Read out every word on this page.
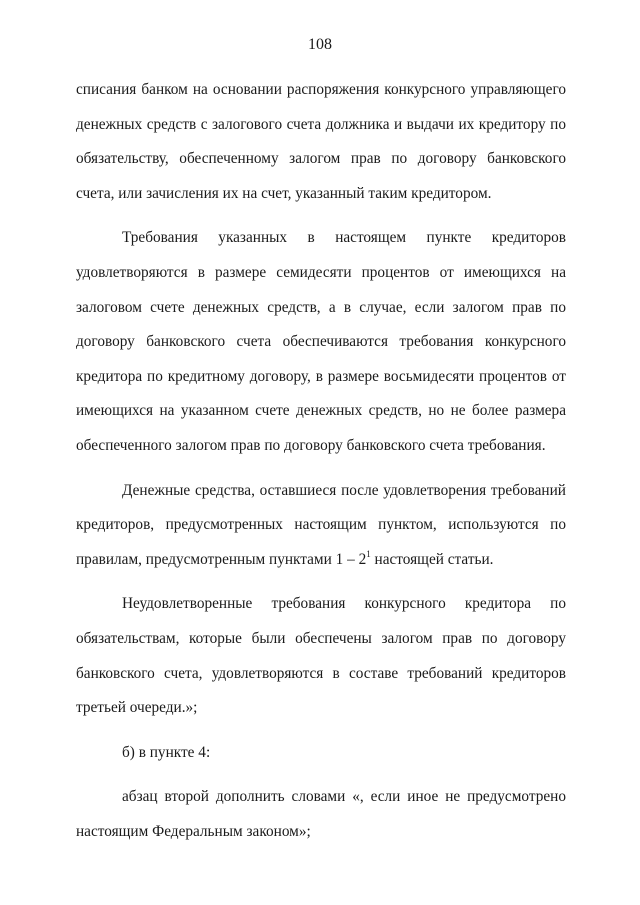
108

списания банком на основании распоряжения конкурсного управляющего денежных средств с залогового счета должника и выдачи их кредитору по обязательству, обеспеченному залогом прав по договору банковского счета, или зачисления их на счет, указанный таким кредитором.

Требования указанных в настоящем пункте кредиторов удовлетворяются в размере семидесяти процентов от имеющихся на залоговом счете денежных средств, а в случае, если залогом прав по договору банковского счета обеспечиваются требования конкурсного кредитора по кредитному договору, в размере восьмидесяти процентов от имеющихся на указанном счете денежных средств, но не более размера обеспеченного залогом прав по договору банковского счета требования.

Денежные средства, оставшиеся после удовлетворения требований кредиторов, предусмотренных настоящим пунктом, используются по правилам, предусмотренным пунктами $1 - 2^1$ настоящей статьи.

Неудовлетворенные требования конкурсного кредитора по обязательствам, которые были обеспечены залогом прав по договору банковского счета, удовлетворяются в составе требований кредиторов третьей очереди.»;

б) в пункте 4:

абзац второй дополнить словами «, если иное не предусмотрено настоящим Федеральным законом»;
